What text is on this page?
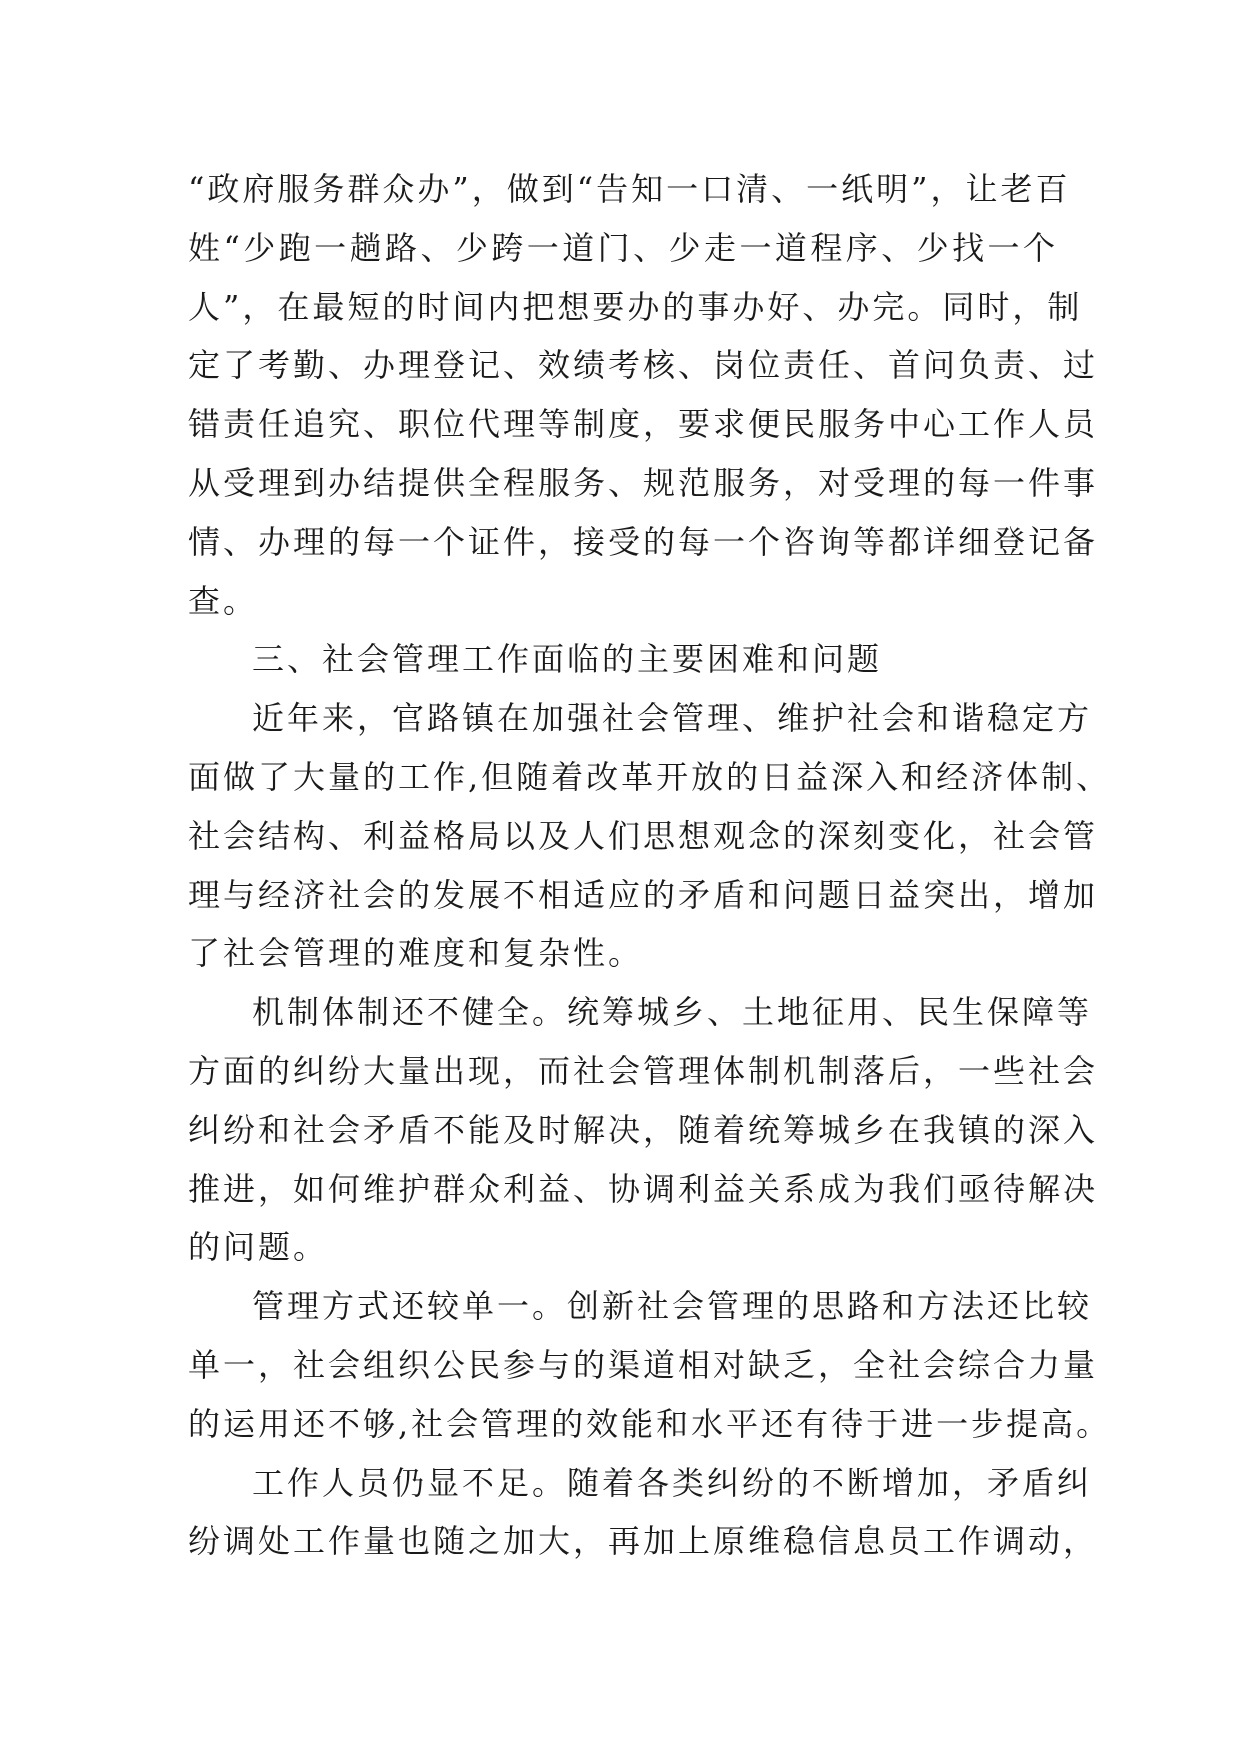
“政府服务群众办”，做到“告知一口清、一纸明”，让老百
姓“少跑一趟路、少跨一道门、少走一道程序、少找一个
人”，在最短的时间内把想要办的事办好、办完。同时，制
定了考勤、办理登记、效绩考核、岗位责任、首问负责、过
错责任追究、职位代理等制度，要求便民服务中心工作人员
从受理到办结提供全程服务、规范服务，对受理的每一件事
情、办理的每一个证件，接受的每一个咨询等都详细登记备
查。
三、社会管理工作面临的主要困难和问题
近年来，官路镇在加强社会管理、维护社会和谐稳定方
面做了大量的工作,但随着改革开放的日益深入和经济体制、
社会结构、利益格局以及人们思想观念的深刻变化，社会管
理与经济社会的发展不相适应的矛盾和问题日益突出，增加
了社会管理的难度和复杂性。
机制体制还不健全。统筹城乡、土地征用、民生保障等
方面的纠纷大量出现，而社会管理体制机制落后，一些社会
纠纷和社会矛盾不能及时解决，随着统筹城乡在我镇的深入
推进，如何维护群众利益、协调利益关系成为我们亟待解决
的问题。
管理方式还较单一。创新社会管理的思路和方法还比较
单一，社会组织公民参与的渠道相对缺乏，全社会综合力量
的运用还不够,社会管理的效能和水平还有待于进一步提高。
工作人员仍显不足。随着各类纠纷的不断增加，矛盾纠
纷调处工作量也随之加大，再加上原维稳信息员工作调动，
